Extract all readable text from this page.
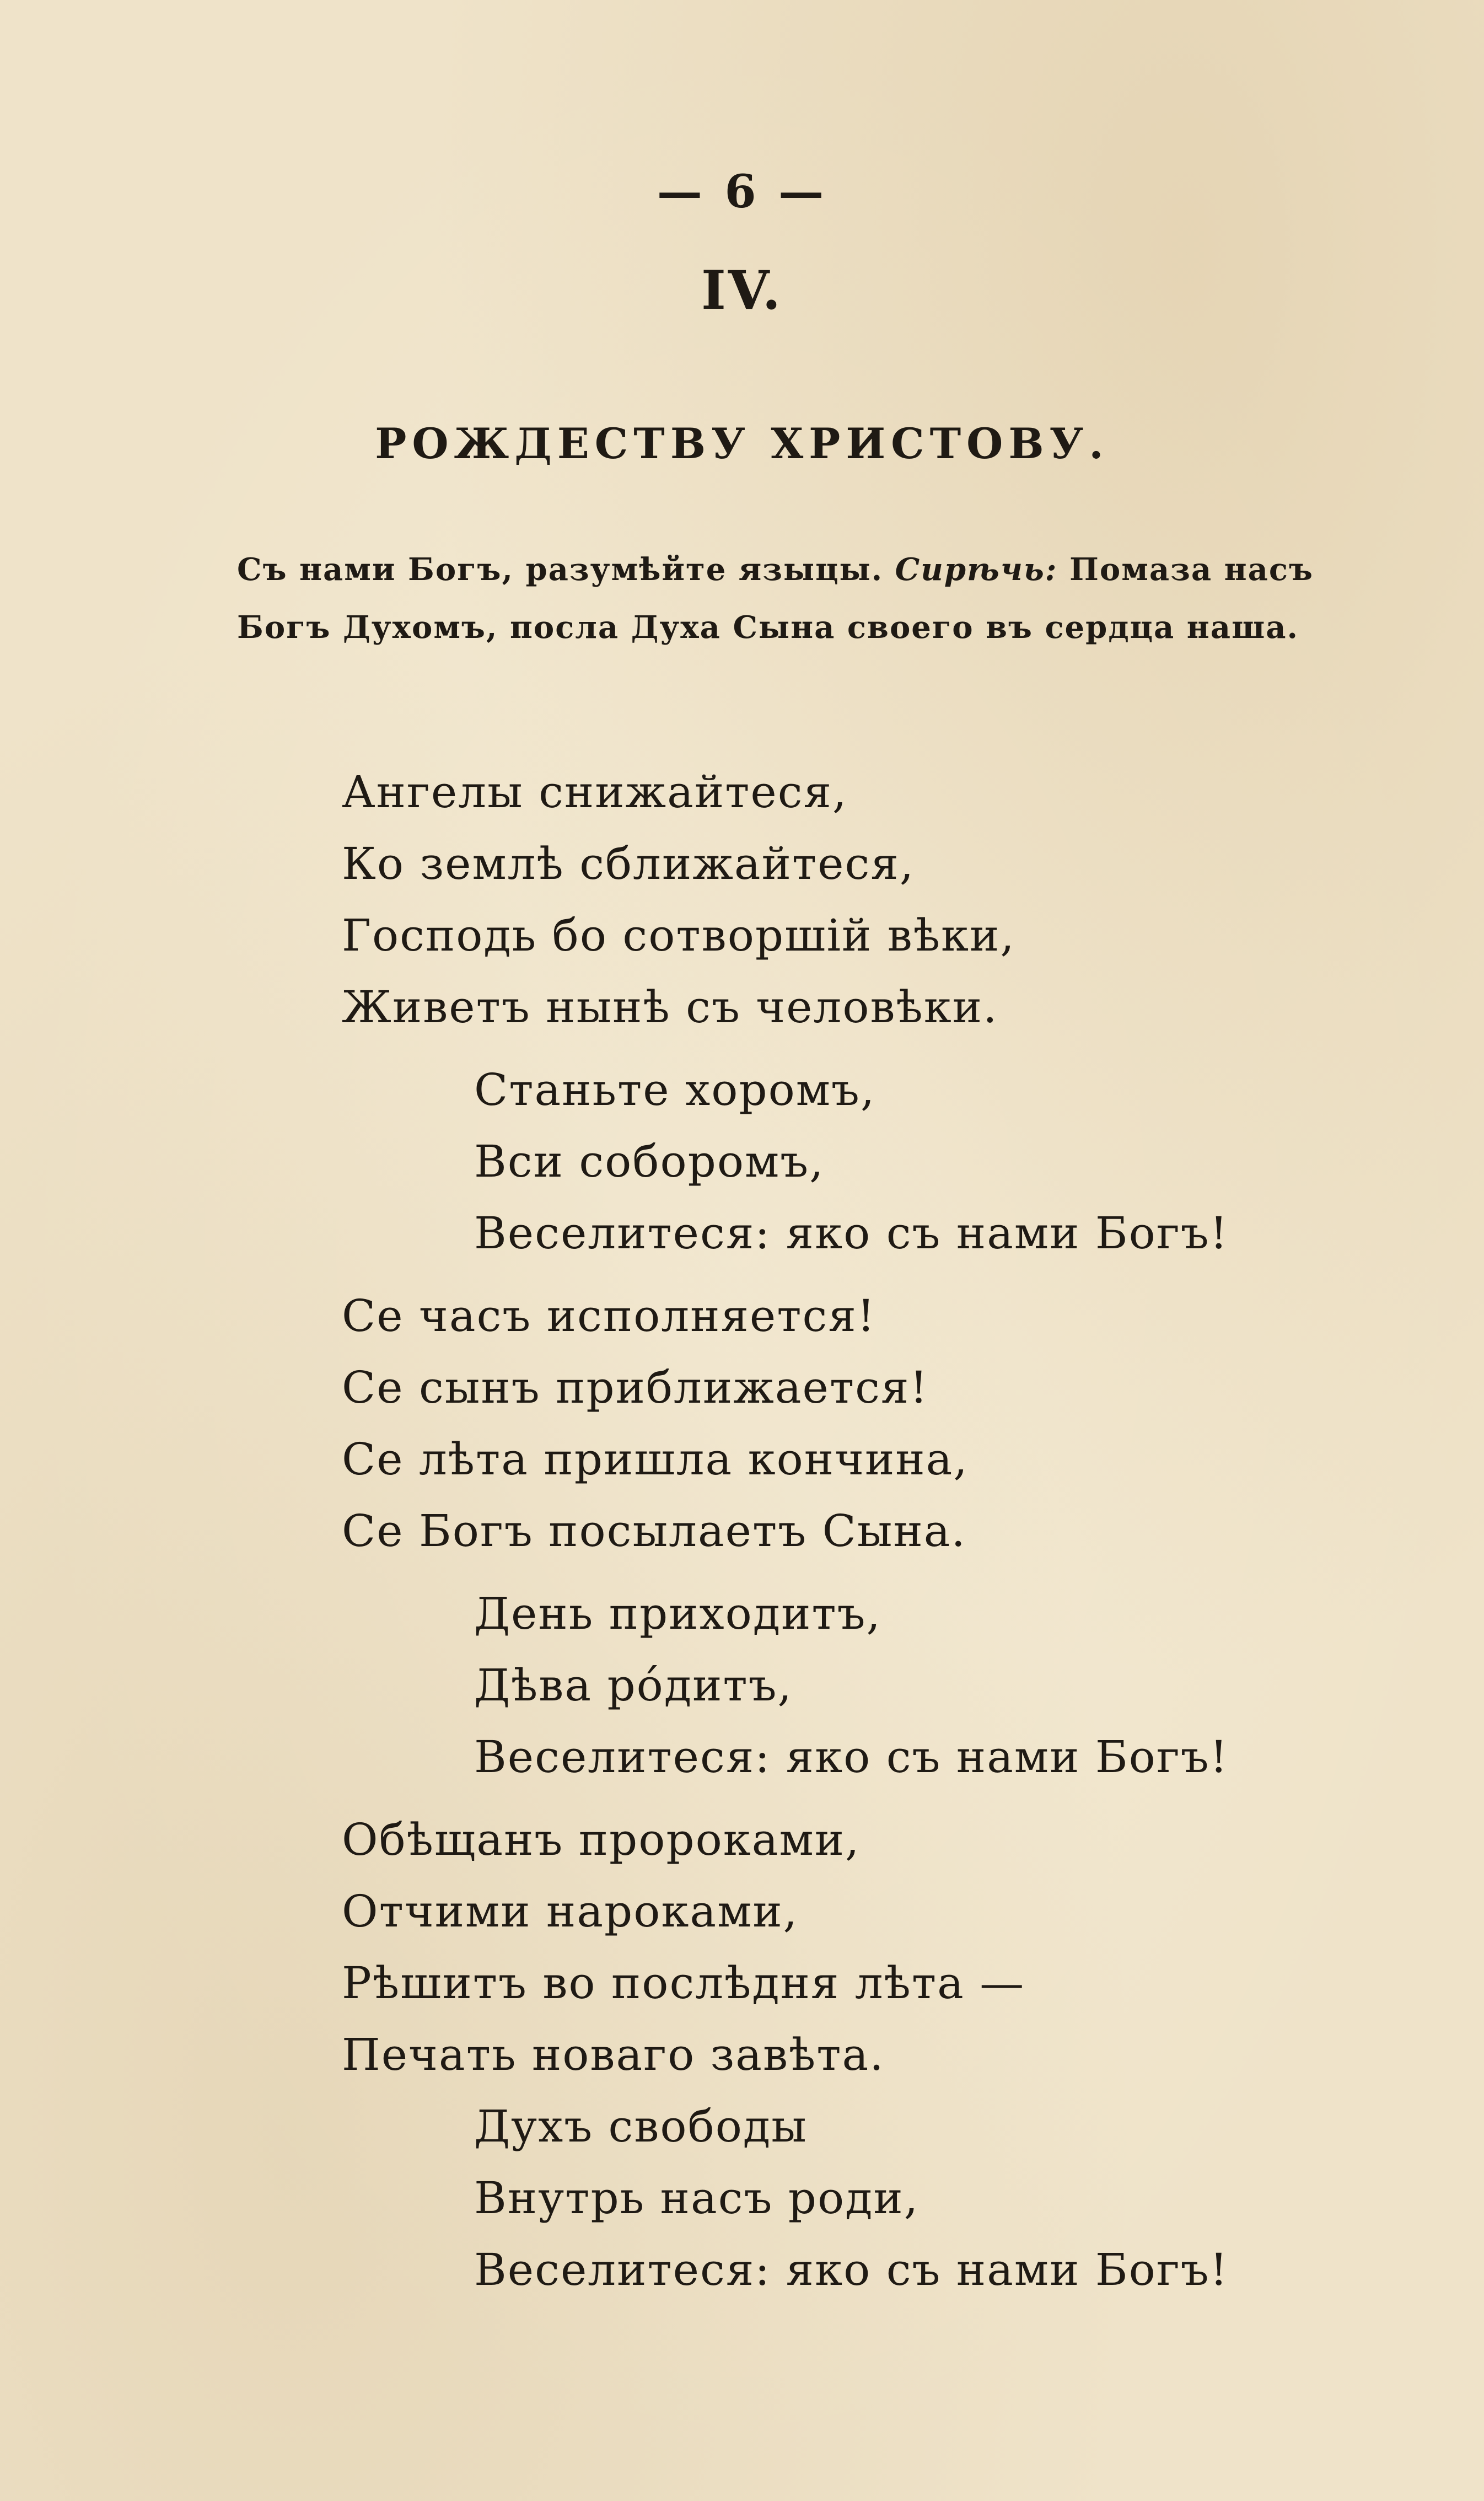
— 6 —
IV.
РОЖДЕСТВУ ХРИСТОВУ.
Съ нами Богъ, разумѣйте языцы. Сирѣчь: Помаза насъ
Богъ Духомъ, посла Духа Сына своего въ сердца наша.
Ангелы снижайтеся,
Ко землѣ сближайтеся,
Господь бо сотворшiй вѣки,
Живетъ нынѣ съ человѣки.
Станьте хоромъ,
Вси соборомъ,
Веселитеся: яко съ нами Богъ!
Се часъ исполняется!
Се сынъ приближается!
Се лѣта пришла кончина,
Се Богъ посылаетъ Сына.
День приходитъ,
Дѣва рóдитъ,
Веселитеся: яко съ нами Богъ!
Обѣщанъ пророками,
Отчими нароками,
Рѣшитъ во послѣдня лѣта —
Печать новаго завѣта.
Духъ свободы
Внутрь насъ роди,
Веселитеся: яко съ нами Богъ!
